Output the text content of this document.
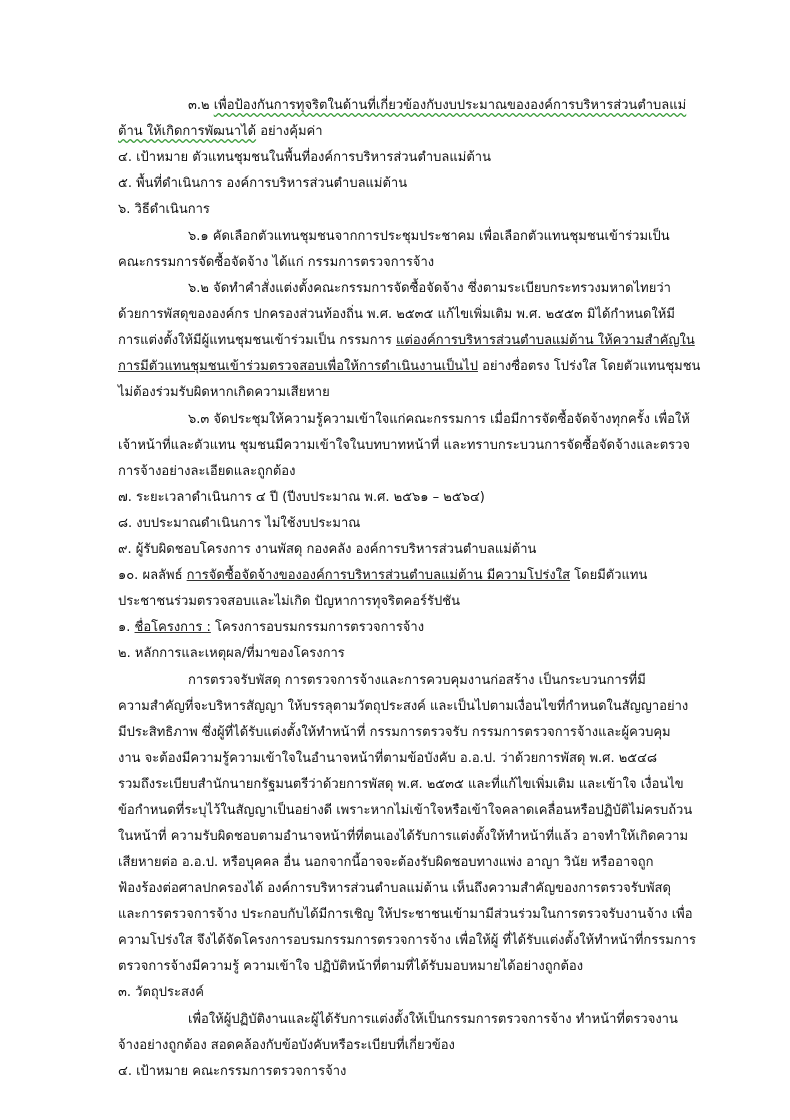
๓.๒ เพื่อป้องกันการทุจริตในด้านที่เกี่ยวข้องกับงบประมาณขององค์การบริหารส่วนตำบลแม่
ต้าน ให้เกิดการพัฒนาได้ อย่างคุ้มค่า
๔. เป้าหมาย ตัวแทนชุมชนในพื้นที่องค์การบริหารส่วนตำบลแม่ต้าน
๕. พื้นที่ดำเนินการ องค์การบริหารส่วนตำบลแม่ต้าน
๖. วิธีดำเนินการ
๖.๑ คัดเลือกตัวแทนชุมชนจากการประชุมประชาคม เพื่อเลือกตัวแทนชุมชนเข้าร่วมเป็น
คณะกรรมการจัดซื้อจัดจ้าง ได้แก่ กรรมการตรวจการจ้าง
๖.๒ จัดทำคำสั่งแต่งตั้งคณะกรรมการจัดซื้อจัดจ้าง ซึ่งตามระเบียบกระทรวงมหาดไทยว่า
ด้วยการพัสดุขององค์กร ปกครองส่วนท้องถิ่น พ.ศ. ๒๕๓๕ แก้ไขเพิ่มเติม พ.ศ. ๒๕๕๓ มิได้กำหนดให้มี
การแต่งตั้งให้มีผู้แทนชุมชนเข้าร่วมเป็น กรรมการ แต่องค์การบริหารส่วนตำบลแม่ต้าน ให้ความสำคัญใน
การมีตัวแทนชุมชนเข้าร่วมตรวจสอบเพื่อให้การดำเนินงานเป็นไป อย่างซื่อตรง โปร่งใส โดยตัวแทนชุมชน
ไม่ต้องร่วมรับผิดหากเกิดความเสียหาย
๖.๓ จัดประชุมให้ความรู้ความเข้าใจแก่คณะกรรมการ เมื่อมีการจัดซื้อจัดจ้างทุกครั้ง เพื่อให้
เจ้าหน้าที่และตัวแทน ชุมชนมีความเข้าใจในบทบาทหน้าที่ และทราบกระบวนการจัดซื้อจัดจ้างและตรวจ
การจ้างอย่างละเอียดและถูกต้อง
๗. ระยะเวลาดำเนินการ ๔ ปี (ปีงบประมาณ พ.ศ. ๒๕๖๑ – ๒๕๖๔)
๘. งบประมาณดำเนินการ ไม่ใช้งบประมาณ
๙. ผู้รับผิดชอบโครงการ งานพัสดุ กองคลัง องค์การบริหารส่วนตำบลแม่ต้าน
๑๐. ผลลัพธ์ การจัดซื้อจัดจ้างขององค์การบริหารส่วนตำบลแม่ต้าน มีความโปร่งใส โดยมีตัวแทน
ประชาชนร่วมตรวจสอบและไม่เกิด ปัญหาการทุจริตคอร์รัปชัน
๑. ชื่อโครงการ : โครงการอบรมกรรมการตรวจการจ้าง
๒. หลักการและเหตุผล/ที่มาของโครงการ
การตรวจรับพัสดุ การตรวจการจ้างและการควบคุมงานก่อสร้าง เป็นกระบวนการที่มี
ความสำคัญที่จะบริหารสัญญา ให้บรรลุตามวัตถุประสงค์ และเป็นไปตามเงื่อนไขที่กำหนดในสัญญาอย่าง
มีประสิทธิภาพ ซึ่งผู้ที่ได้รับแต่งตั้งให้ทำหน้าที่ กรรมการตรวจรับ กรรมการตรวจการจ้างและผู้ควบคุม
งาน จะต้องมีความรู้ความเข้าใจในอำนาจหน้าที่ตามข้อบังคับ อ.อ.ป. ว่าด้วยการพัสดุ พ.ศ. ๒๕๔๘
รวมถึงระเบียบสำนักนายกรัฐมนตรีว่าด้วยการพัสดุ พ.ศ. ๒๕๓๕ และที่แก้ไขเพิ่มเติม และเข้าใจ เงื่อนไข
ข้อกำหนดที่ระบุไว้ในสัญญาเป็นอย่างดี เพราะหากไม่เข้าใจหรือเข้าใจคลาดเคลื่อนหรือปฏิบัติไม่ครบถ้วน
ในหน้าที่ ความรับผิดชอบตามอำนาจหน้าที่ที่ตนเองได้รับการแต่งตั้งให้ทำหน้าที่แล้ว อาจทำให้เกิดความ
เสียหายต่อ อ.อ.ป. หรือบุคคล อื่น นอกจากนี้อาจจะต้องรับผิดชอบทางแพ่ง อาญา วินัย หรืออาจถูก
ฟ้องร้องต่อศาลปกครองได้ องค์การบริหารส่วนตำบลแม่ต้าน เห็นถึงความสำคัญของการตรวจรับพัสดุ
และการตรวจการจ้าง ประกอบกับได้มีการเชิญ ให้ประชาชนเข้ามามีส่วนร่วมในการตรวจรับงานจ้าง เพื่อ
ความโปร่งใส จึงได้จัดโครงการอบรมกรรมการตรวจการจ้าง เพื่อให้ผู้ ที่ได้รับแต่งตั้งให้ทำหน้าที่กรรมการ
ตรวจการจ้างมีความรู้ ความเข้าใจ ปฏิบัติหน้าที่ตามที่ได้รับมอบหมายได้อย่างถูกต้อง
๓. วัตถุประสงค์
เพื่อให้ผู้ปฏิบัติงานและผู้ได้รับการแต่งตั้งให้เป็นกรรมการตรวจการจ้าง ทำหน้าที่ตรวจงาน
จ้างอย่างถูกต้อง สอดคล้องกับข้อบังคับหรือระเบียบที่เกี่ยวข้อง
๔. เป้าหมาย คณะกรรมการตรวจการจ้าง
